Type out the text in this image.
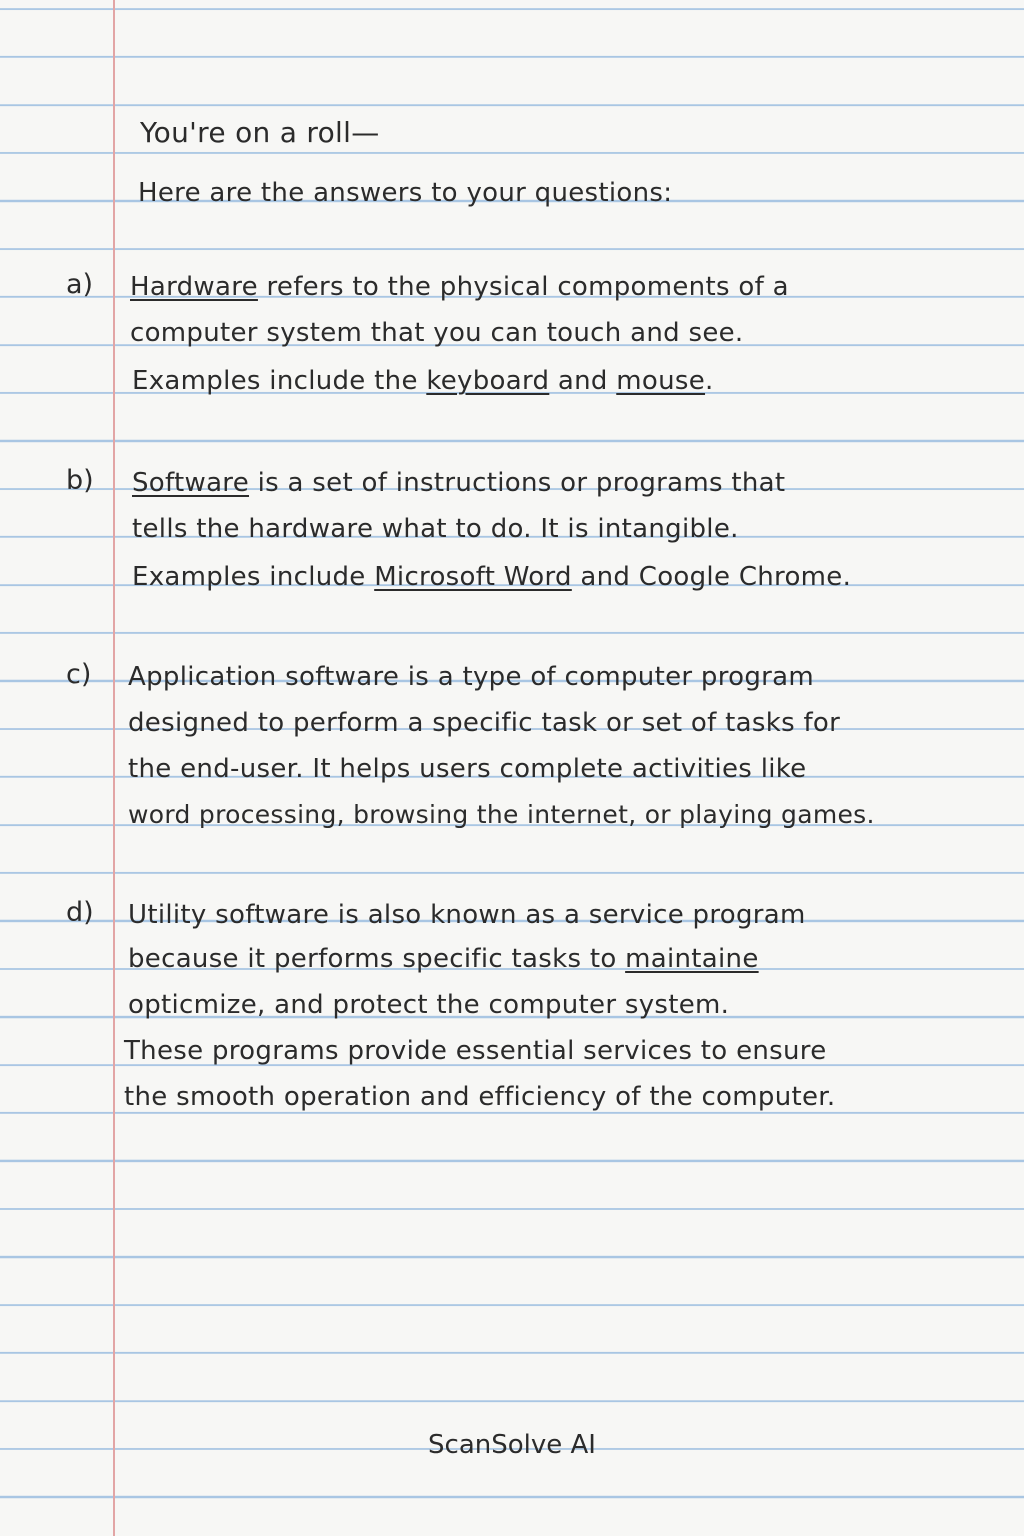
You're on a roll—
Here are the answers to your questions:
a) Hardware refers to the physical compoments of a
computer system that you can touch and see.
Examples include the keyboard and mouse.
b) Software is a set of instructions or programs that
tells the hardware what to do. It is intangible.
Examples include Microsoft Word and Coogle Chrome.
c) Application software is a type of computer program
designed to perform a specific task or set of tasks for
the end-user. It helps users complete activities like
word processing, browsing the internet, or playing games.
d) Utility software is also known as a service program
because it performs specific tasks to maintaine
opticmize, and protect the computer system.
These programs provide essential services to ensure
the smooth operation and efficiency of the computer.
ScanSolve AI
